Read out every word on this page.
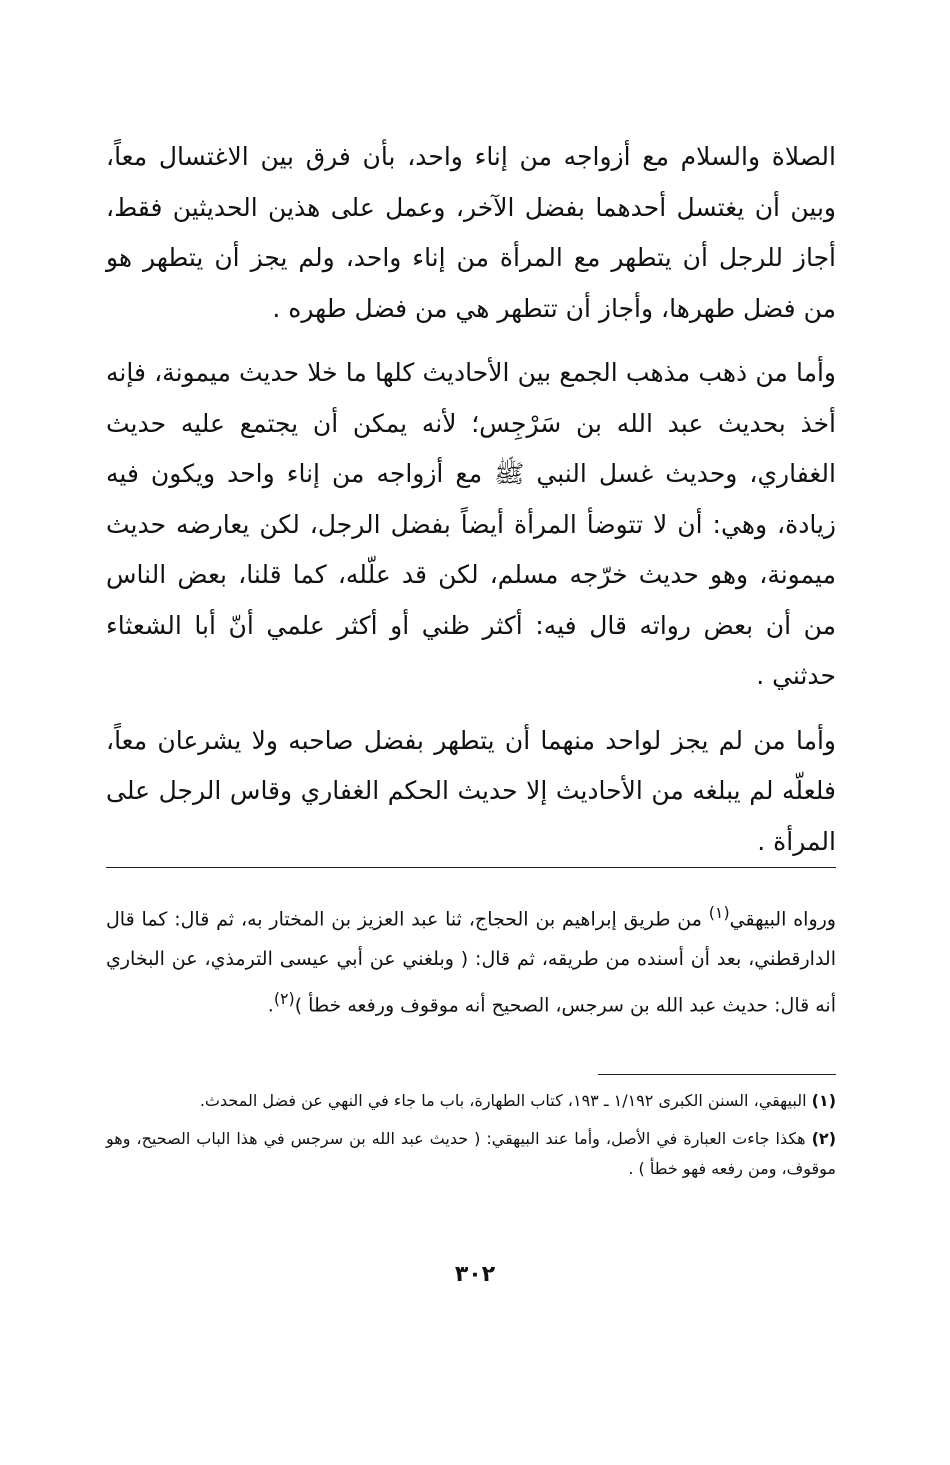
الصلاة والسلام مع أزواجه من إناء واحد، بأن فرق بين الاغتسال معاً، وبين أن يغتسل أحدهما بفضل الآخر، وعمل على هذين الحديثين فقط، أجاز للرجل أن يتطهر مع المرأة من إناء واحد، ولم يجز أن يتطهر هو من فضل طهرها، وأجاز أن تتطهر هي من فضل طهره .

وأما من ذهب مذهب الجمع بين الأحاديث كلها ما خلا حديث ميمونة، فإنه أخذ بحديث عبد الله بن سَرْجِس؛ لأنه يمكن أن يجتمع عليه حديث الغفاري، وحديث غسل النبي ﷺ مع أزواجه من إناء واحد ويكون فيه زيادة، وهي: أن لا تتوضأ المرأة أيضاً بفضل الرجل، لكن يعارضه حديث ميمونة، وهو حديث خرّجه مسلم، لكن قد علّله، كما قلنا، بعض الناس من أن بعض رواته قال فيه: أكثر ظني أو أكثر علمي أنّ أبا الشعثاء حدثني .

وأما من لم يجز لواحد منهما أن يتطهر بفضل صاحبه ولا يشرعان معاً، فلعلّه لم يبلغه من الأحاديث إلا حديث الحكم الغفاري وقاس الرجل على المرأة .

ورواه البيهقي$^{(١)}$ من طريق إبراهيم بن الحجاج، ثنا عبد العزيز بن المختار به، ثم قال: كما قال الدارقطني، بعد أن أسنده من طريقه، ثم قال: ( وبلغني عن أبي عيسى الترمذي، عن البخاري أنه قال: حديث عبد الله بن سرجس، الصحيح أنه موقوف ورفعه خطأ )$^{(٢)}$.

(١) البيهقي، السنن الكبرى ١/١٩٢ ـ ١٩٣، كتاب الطهارة، باب ما جاء في النهي عن فضل المحدث.

(٢) هكذا جاءت العبارة في الأصل، وأما عند البيهقي: ( حديث عبد الله بن سرجس في هذا الباب الصحيح، وهو موقوف، ومن رفعه فهو خطأ ) .

٣٠٢
